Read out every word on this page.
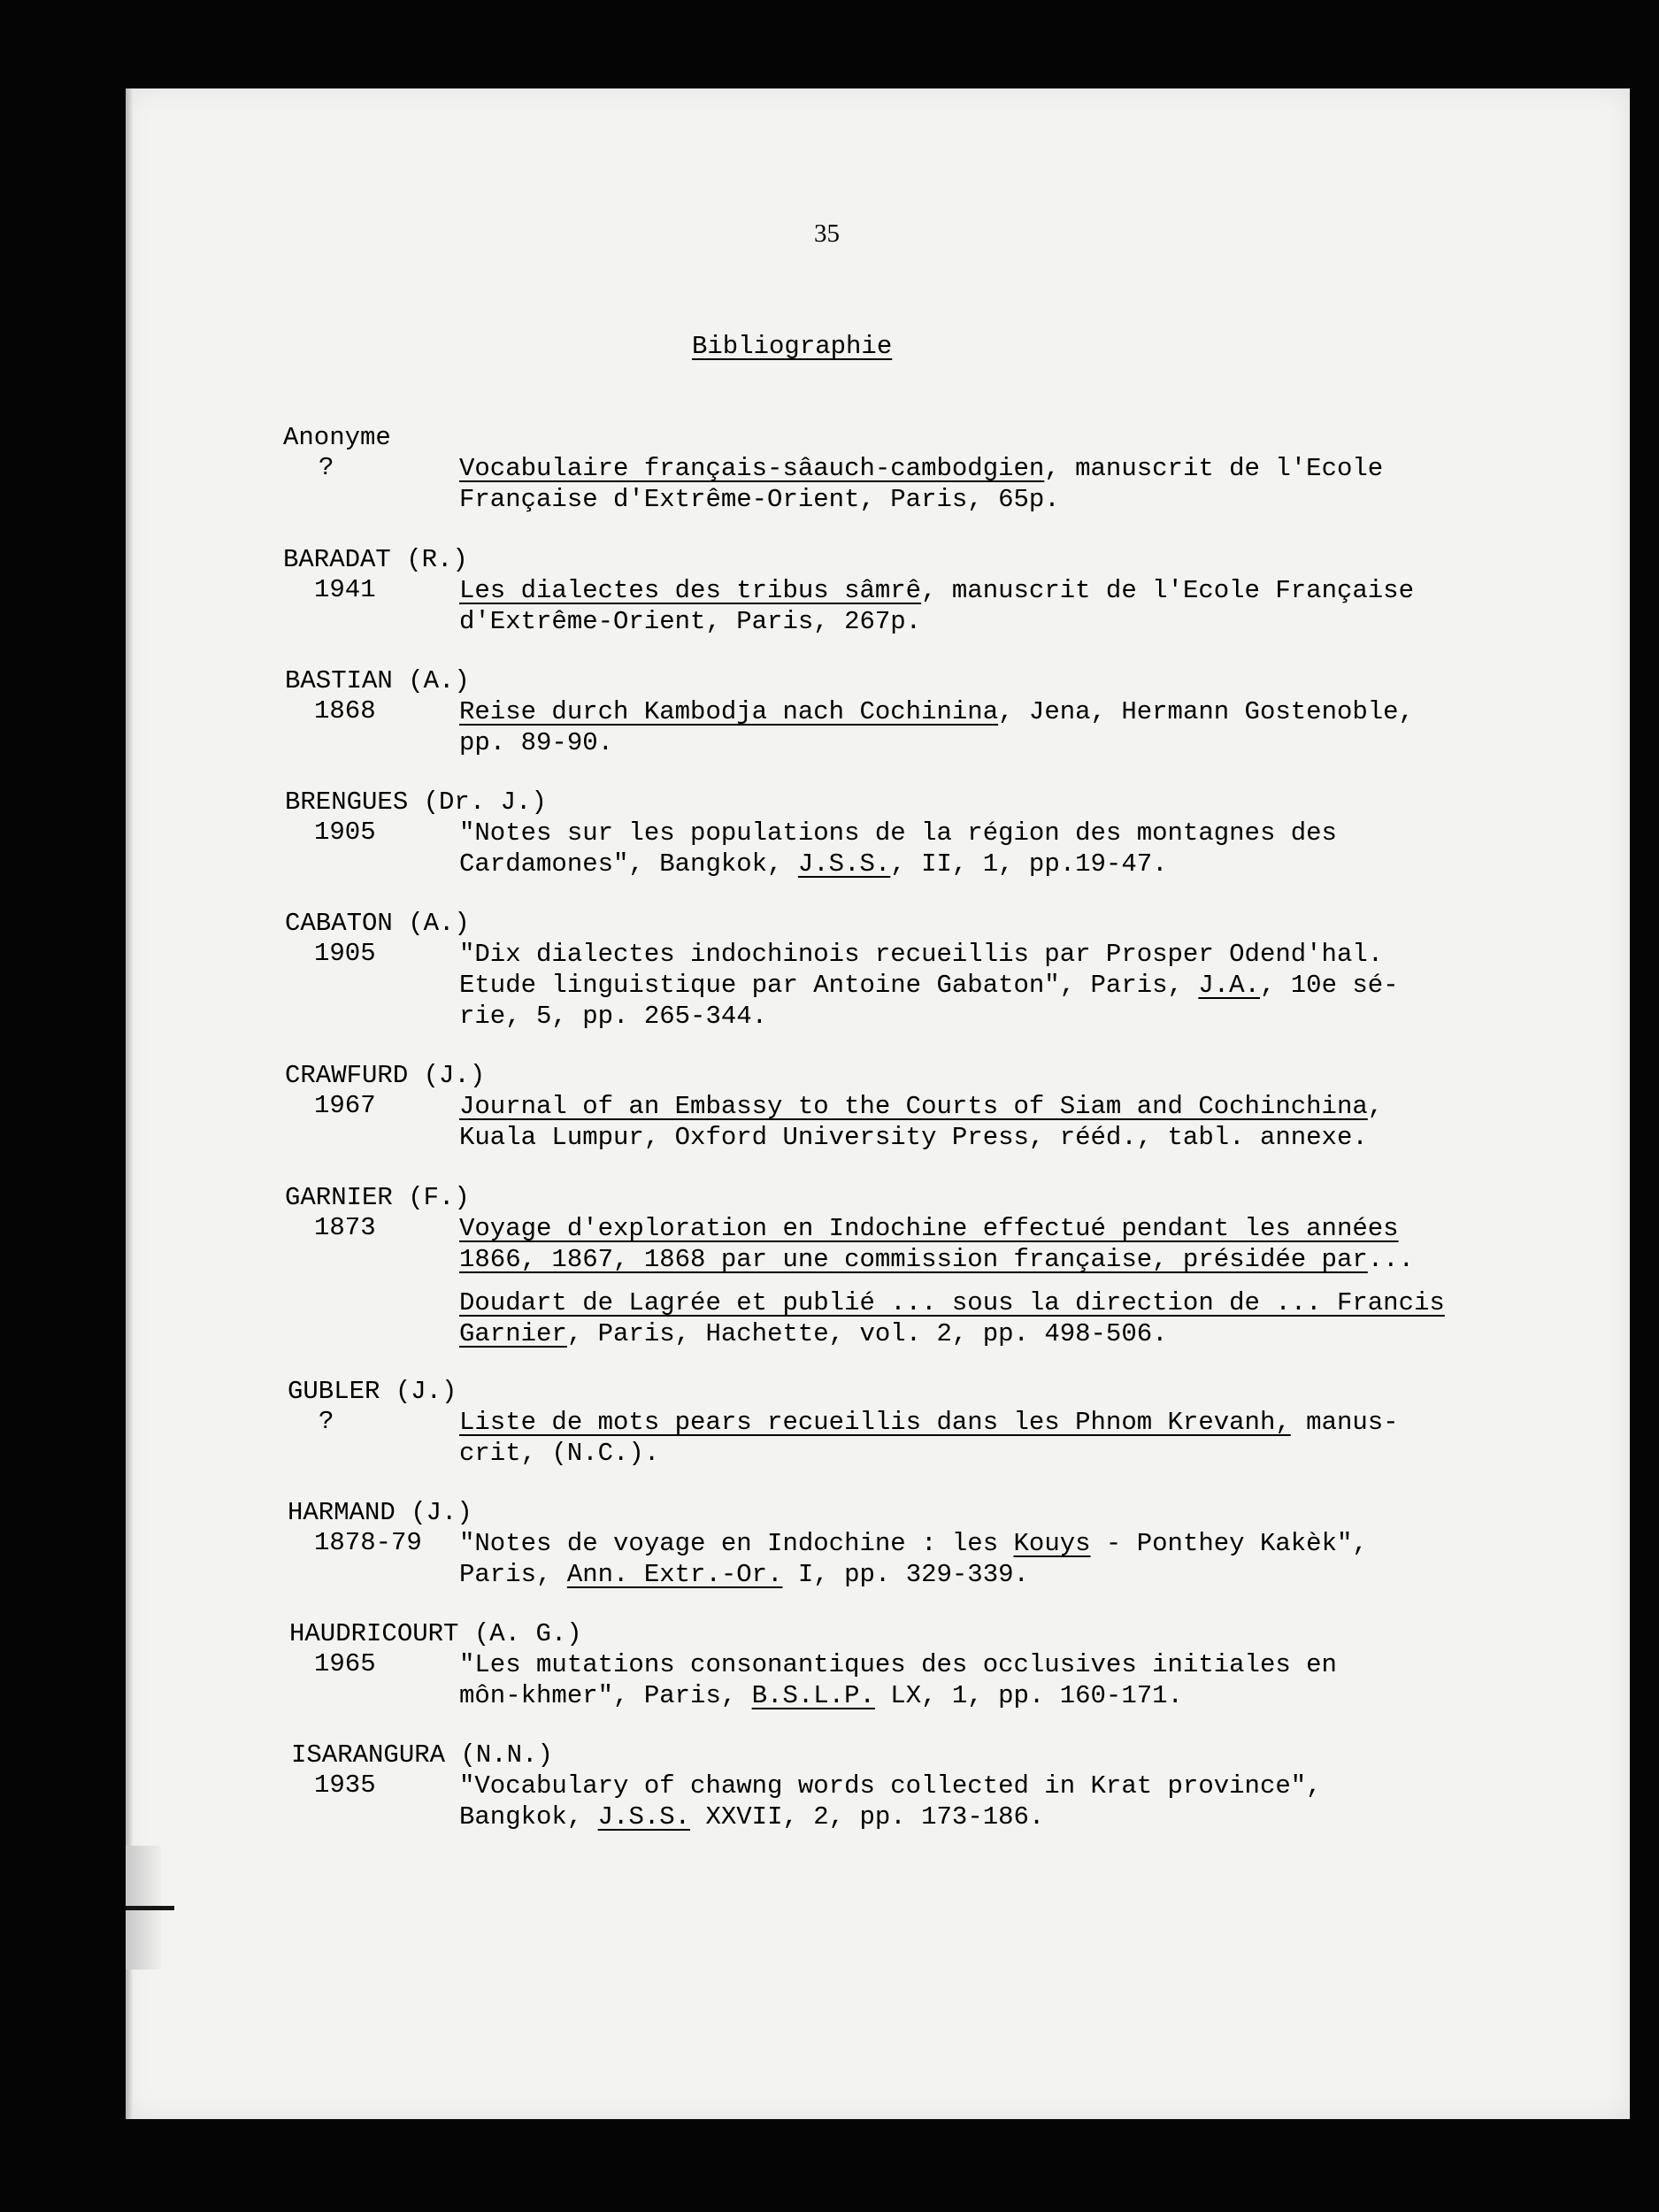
35
Bibliographie
Anonyme
?	Vocabulaire français-sâauch-cambodgien, manuscrit de l'Ecole
Française d'Extrême-Orient, Paris, 65p.
BARADAT (R.)
1941	Les dialectes des tribus sâmrê, manuscrit de l'Ecole Française
d'Extrême-Orient, Paris, 267p.
BASTIAN (A.)
1868	Reise durch Kambodja nach Cochinina, Jena, Hermann Gostenoble,
pp. 89-90.
BRENGUES (Dr. J.)
1905	"Notes sur les populations de la région des montagnes des
Cardamones", Bangkok, J.S.S., II, 1, pp.19-47.
CABATON (A.)
1905	"Dix dialectes indochinois recueillis par Prosper Odend'hal.
Etude linguistique par Antoine Gabaton", Paris, J.A., 10e sé-
rie, 5, pp. 265-344.
CRAWFURD (J.)
1967	Journal of an Embassy to the Courts of Siam and Cochinchina,
Kuala Lumpur, Oxford University Press, rééd., tabl. annexe.
GARNIER (F.)
1873	Voyage d'exploration en Indochine effectué pendant les années
1866, 1867, 1868 par une commission française, présidée par...
Doudart de Lagrée et publié ... sous la direction de ... Francis
Garnier, Paris, Hachette, vol. 2, pp. 498-506.
GUBLER (J.)
?	Liste de mots pears recueillis dans les Phnom Krevanh, manus-
crit, (N.C.).
HARMAND (J.)
1878-79 "Notes de voyage en Indochine : les Kouys - Ponthey Kakèk",
Paris, Ann. Extr.-Or. I, pp. 329-339.
HAUDRICOURT (A. G.)
1965	"Les mutations consonantiques des occlusives initiales en
môn-khmer", Paris, B.S.L.P. LX, 1, pp. 160-171.
ISARANGURA (N.N.)
1935	"Vocabulary of chawng words collected in Krat province",
Bangkok, J.S.S. XXVII, 2, pp. 173-186.
